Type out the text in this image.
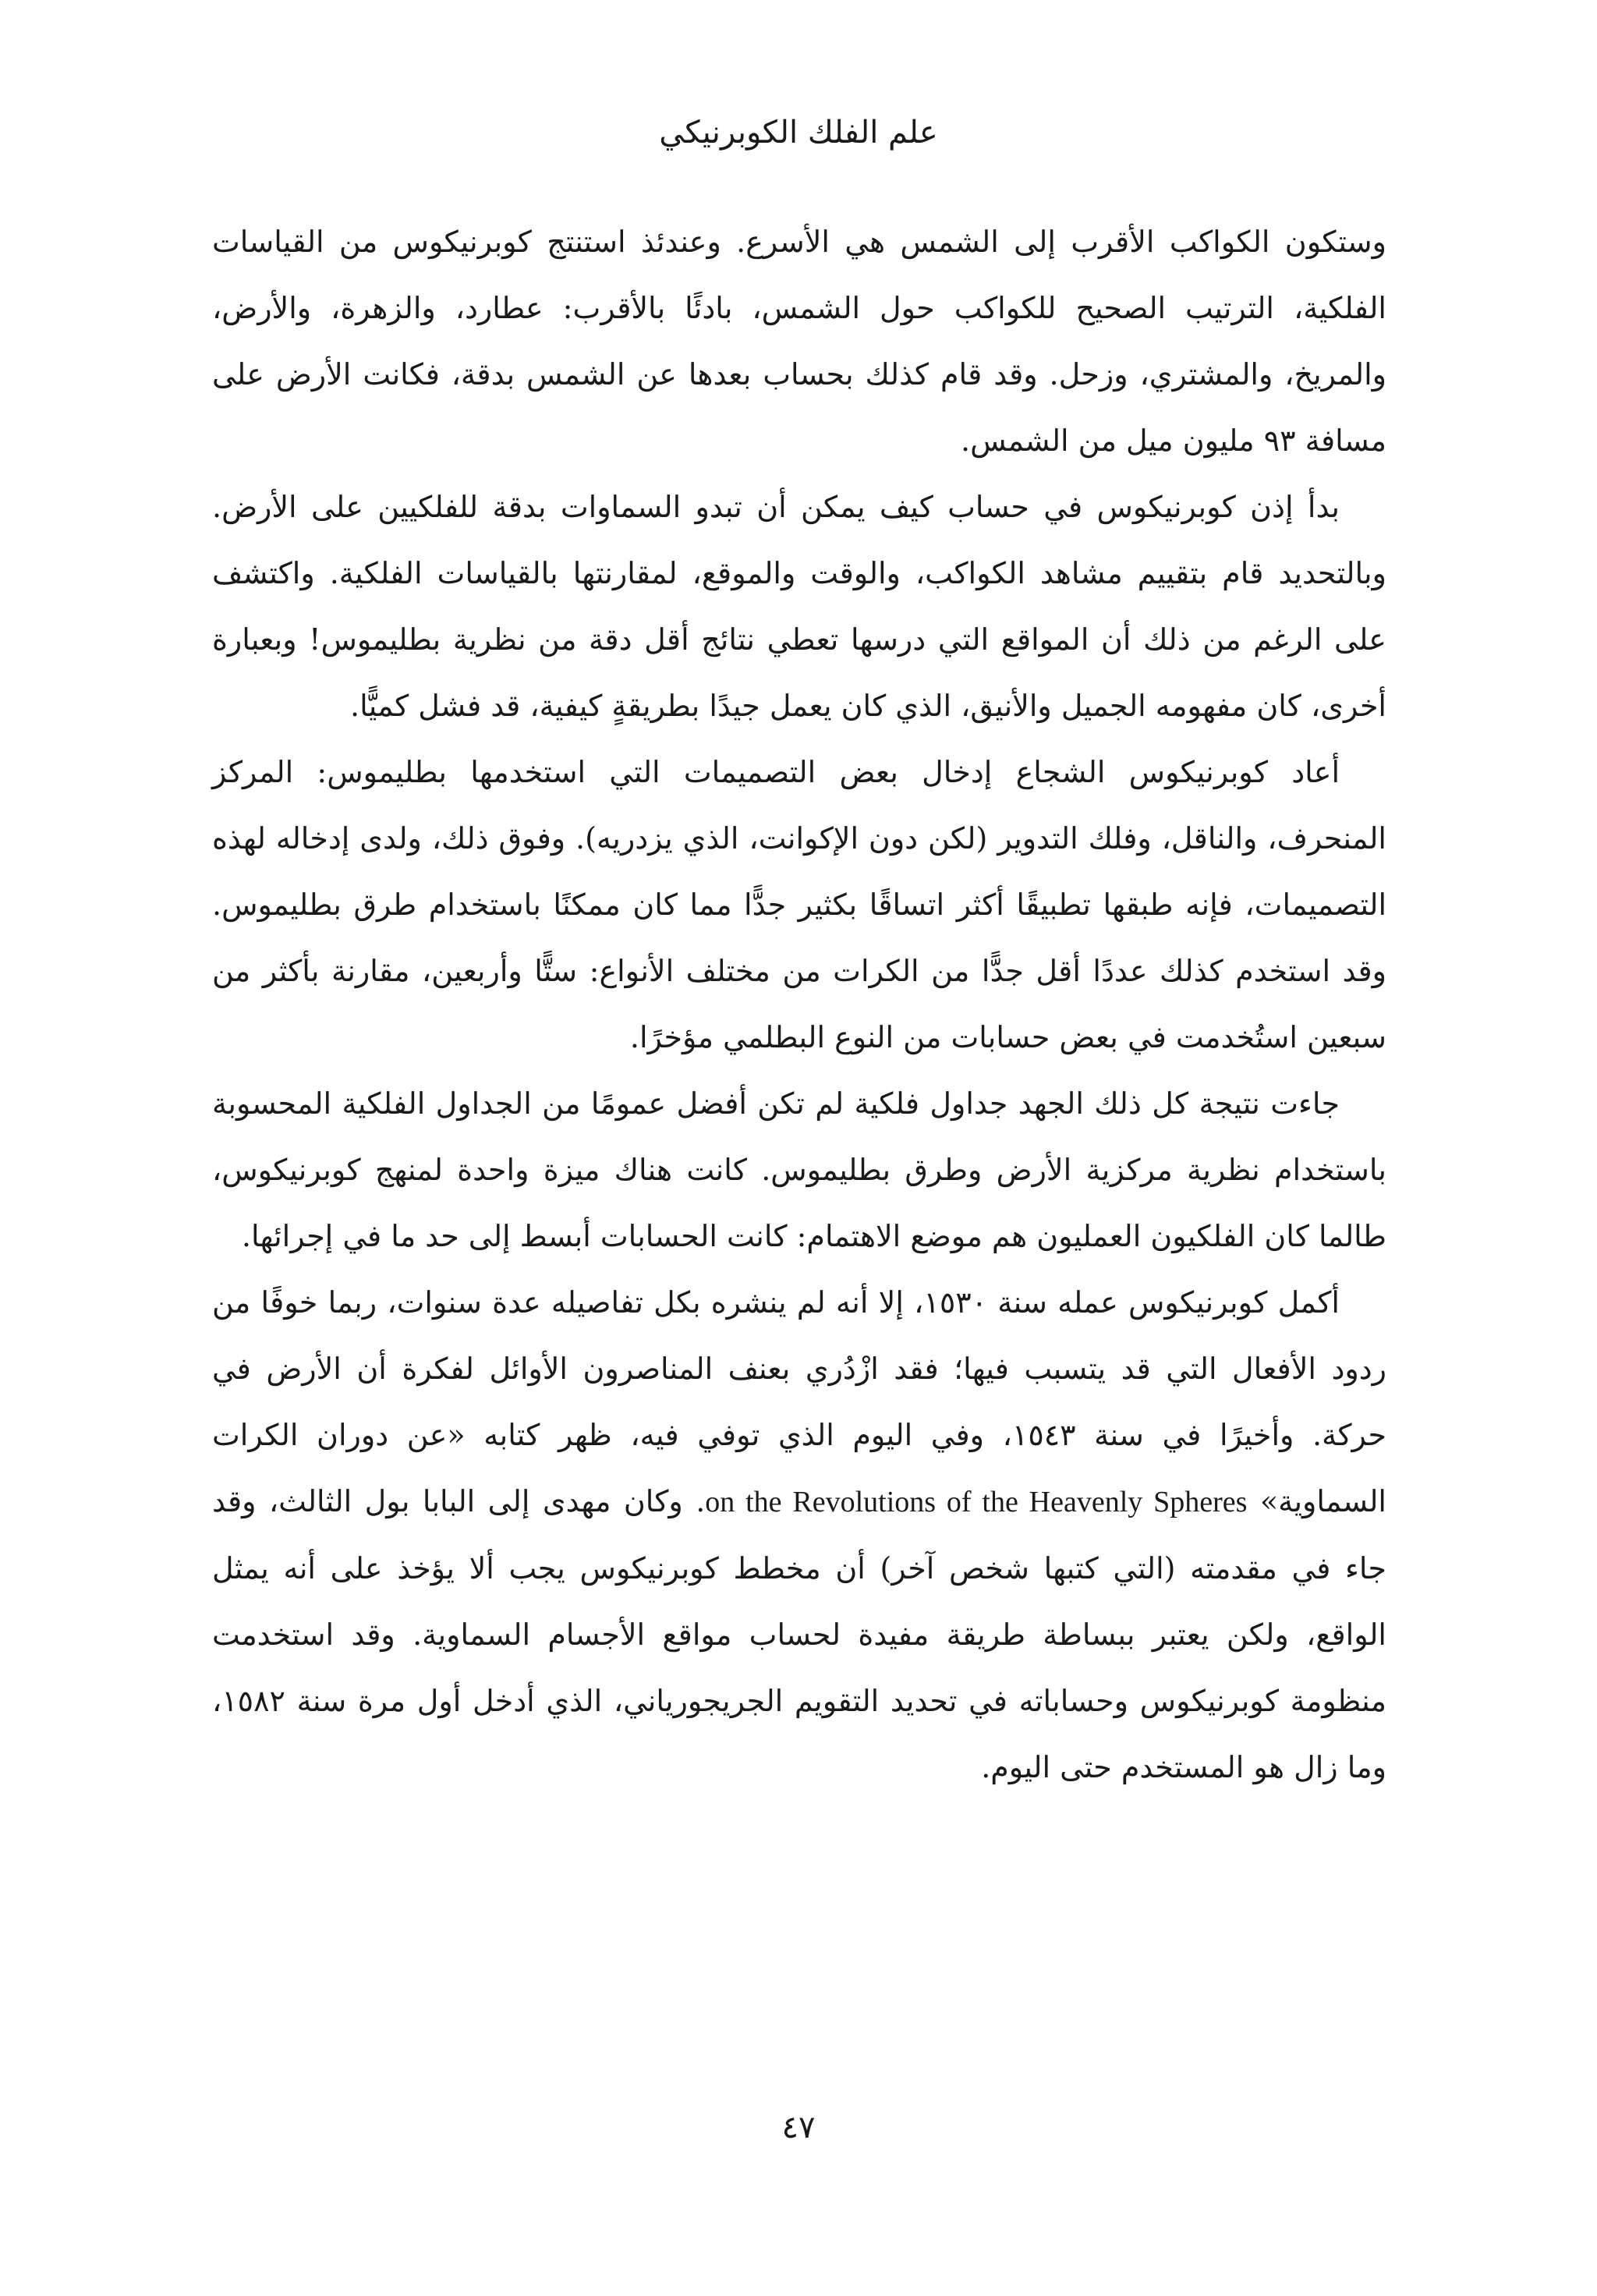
علم الفلك الكوبرنيكي

وستكون الكواكب الأقرب إلى الشمس هي الأسرع. وعندئذ استنتج كوبرنيكوس من القياسات الفلكية، الترتيب الصحيح للكواكب حول الشمس، بادئًا بالأقرب: عطارد، والزهرة، والأرض، والمريخ، والمشتري، وزحل. وقد قام كذلك بحساب بعدها عن الشمس بدقة، فكانت الأرض على مسافة ٩٣ مليون ميل من الشمس.

بدأ إذن كوبرنيكوس في حساب كيف يمكن أن تبدو السماوات بدقة للفلكيين على الأرض. وبالتحديد قام بتقييم مشاهد الكواكب، والوقت والموقع، لمقارنتها بالقياسات الفلكية. واكتشف على الرغم من ذلك أن المواقع التي درسها تعطي نتائج أقل دقة من نظرية بطليموس! وبعبارة أخرى، كان مفهومه الجميل والأنيق، الذي كان يعمل جيدًا بطريقةٍ كيفية، قد فشل كميًّا.

أعاد كوبرنيكوس الشجاع إدخال بعض التصميمات التي استخدمها بطليموس: المركز المنحرف، والناقل، وفلك التدوير (لكن دون الإكوانت، الذي يزدريه). وفوق ذلك، ولدى إدخاله لهذه التصميمات، فإنه طبقها تطبيقًا أكثر اتساقًا بكثير جدًّا مما كان ممكنًا باستخدام طرق بطليموس. وقد استخدم كذلك عددًا أقل جدًّا من الكرات من مختلف الأنواع: ستًّا وأربعين، مقارنة بأكثر من سبعين استُخدمت في بعض حسابات من النوع البطلمي مؤخرًا.

جاءت نتيجة كل ذلك الجهد جداول فلكية لم تكن أفضل عمومًا من الجداول الفلكية المحسوبة باستخدام نظرية مركزية الأرض وطرق بطليموس. كانت هناك ميزة واحدة لمنهج كوبرنيكوس، طالما كان الفلكيون العمليون هم موضع الاهتمام: كانت الحسابات أبسط إلى حد ما في إجرائها.

أكمل كوبرنيكوس عمله سنة ١٥٣٠، إلا أنه لم ينشره بكل تفاصيله عدة سنوات، ربما خوفًا من ردود الأفعال التي قد يتسبب فيها؛ فقد ازْدُري بعنف المناصرون الأوائل لفكرة أن الأرض في حركة. وأخيرًا في سنة ١٥٤٣، وفي اليوم الذي توفي فيه، ظهر كتابه «عن دوران الكرات السماوية» on the Revolutions of the Heavenly Spheres. وكان مهدى إلى البابا بول الثالث، وقد جاء في مقدمته (التي كتبها شخص آخر) أن مخطط كوبرنيكوس يجب ألا يؤخذ على أنه يمثل الواقع، ولكن يعتبر ببساطة طريقة مفيدة لحساب مواقع الأجسام السماوية. وقد استخدمت منظومة كوبرنيكوس وحساباته في تحديد التقويم الجريجورياني، الذي أدخل أول مرة سنة ١٥٨٢، وما زال هو المستخدم حتى اليوم.

٤٧
